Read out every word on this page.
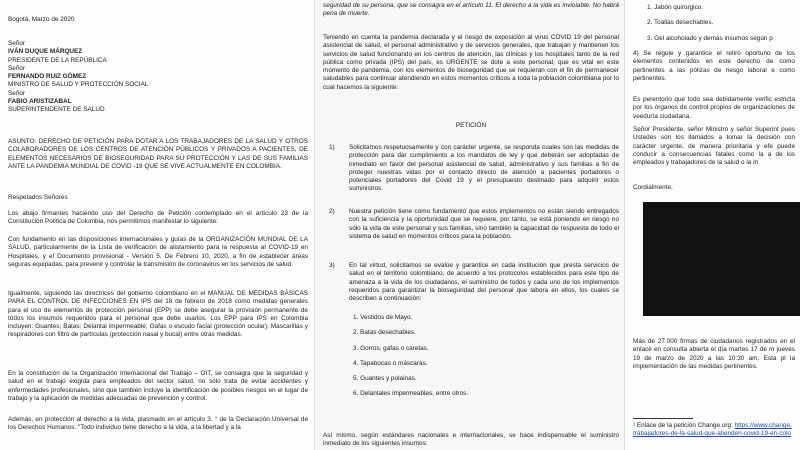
Bogotá, Marzo de 2020

Señor

IVÁN DUQUE MÁRQUEZ

PRESIDENTE DE LA REPÚBLICA

Señor

FERNANDO RUIZ GÓMEZ

MINISTRO DE SALUD Y PROTECCIÓN SOCIAL

Señor

FABIO ARISTIZABAL

SUPERINTENDENTE DE SALUD

ASUNTO: DERECHO DE PETICIÓN PARA DOTAR A LOS TRABAJADORES DE LA SALUD Y OTROS COLABORADORES DE LOS CENTROS DE ATENCIÓN PÚBLICOS Y PRIVADOS A PACIENTES, DE ELEMENTOS NECESARIOS DE BIOSEGURIDAD PARA SU PROTECCIÓN Y LAS DE SUS FAMILIAS ANTE LA PANDEMIA MUNDIAL DE COVID -19 QUE SE VIVE ACTUALMENTE EN COLOMBIA.

Respetados Señores

Los abajo firmantes haciendo uso del Derecho de Petición contemplado en el artículo 23 de la Constitución Política de Colombia, nos permitimos manifestar lo siguiente:

Con fundamento en las disposiciones internacionales y guías de la ORGANIZACIÓN MUNDIAL DE LA SALUD, particularmente de la Lista de verificación de alistamiento para la respuesta al COVID-19 en Hospitales, y el Documento provisional - Versión 5. De Febrero 10, 2020, a fin de establecer áreas seguras equipadas, para prevenir y controlar la transmisión de coronavirus en los servicios de salud.

Igualmente, siguiendo las directrices del gobierno colombiano en el MANUAL DE MEDIDAS BÁSICAS PARA EL CONTROL DE INFECCIONES EN IPS del 18 de febrero de 2018 como medidas generales para el uso de elementos de protección personal (EPP) se debe asegurar la provisión permanente de todos los insumos requeridos para el personal que debe usarlos. Los EPP para IPS en Colombia incluyen: Guantes; Batas; Delantal impermeable; Gafas o escudo facial (protección ocular); Mascarillas y respiradores con filtro de partículas (protección nasal y bucal) entre otras medidas.

En la constitución de la Organización Internacional del Trabajo – OIT, se consagra que la seguridad y salud en el trabajo exigida para empleados del sector salud, no sólo trata de evitar accidentes y enfermedades profesionales, sino que también incluye la identificación de posibles riesgos en el lugar de trabajo y la aplicación de medidas adecuadas de prevención y control.

Además, en protección al derecho a la vida, plasmado en el artículo 3. ° de la Declaración Universal de los Derechos Humanos: "Todo individuo tiene derecho a la vida, a la libertad y a la

seguridad de su persona, que se consagra en el artículo 11. El derecho a la vida es inviolable. No habrá pena de muerte.

Teniendo en cuenta la pandemia declarada y el riesgo de exposición al virus COVID 19 del personal asistencial de salud, el personal administrativo y de servicios generales, que trabajan y mantienen los servicios de salud funcionando en los centros de atención, las clínicas y los hospitales tanto de la red pública como privada (IPS) del país, es URGENTE se dote a este personal, que es vital en este momento de pandemia, con los elementos de bioseguridad que se requieran con el fin de permanecer saludables para continuar atendiendo en estos momentos críticos a toda la población colombiana por lo cual hacemos la siguiente:

PETICIÓN

1) Solicitamos respetuosamente y con carácter urgente, se responda cuales son las medidas de protección para dar cumplimiento a los mandatos de ley y que deberán ser adoptadas de inmediato en favor del personal asistencial de salud, administrativo y sus familias a fin de proteger nuestras vidas por el contacto directo de atención a pacientes portadores o potenciales portadores del Covid 19 y el presupuesto destinado para adquirir estos suministros.
2) Nuestra petición tiene como fundamento que estos implementos no están siendo entregados con la suficiencia y la oportunidad que se requiere, por tanto, se está poniendo en riesgo no sólo la vida de este personal y sus familias, sino también la capacidad de respuesta de todo el sistema de salud en momentos críticos para la población.
3) En tal virtud, solicitamos se evalúe y garantice en cada institución que presta servicios de salud en el territorio colombiano, de acuerdo a los protocolos establecidos para este tipo de amenaza a la vida de los ciudadanos, el suministro de todos y cada uno de los implementos requeridos para garantizar la bioseguridad del personal que labora en ellos, los cuales se describen a continuación:

1. Vestidos de Mayo.

2. Batas desechables.

3. Gorros, gafas o caretas.

4. Tapabocas o máscaras.

5. Guantes y polainas.

6. Delantales impermeables, entre otros.

Así mismo, según estándares nacionales e internacionales, se hace indispensable el suministro inmediato de los siguientes insumos:

1. Jabón quirúrgico.

2. Toallas desechables.

3. Gel alcoholado y demás insumos según p

4) Se regule y garantice el retiro oportuno de los elementos contenidos en este derecho de como pertinentes a las pólizas de riesgo laboral e como pertinentes.

Es perentorio que todo sea debidamente verific estricta por los órganos de control propios de organizaciones de veeduría ciudadana.

Señor Presidente, señor Ministro y señor Superint pues Ustedes son los llamados a tomar la decisión con carácter urgente, de manera prioritaria y efe puede conducir a consecuencias fatales como la a de los empleados y trabajadores de la salud o la m

Cordialmente,

Más de 27.000 firmas de ciudadanos registrados en el enlace en consulta abierta el día martes 17 de m jueves 19 de marzo de 2020 a las 10:30 am. Esta pl la implementación de las medidas pertinentes.

¹ Enlace de la petición Change.org: https://www.change.
trabajadores-de-la-salud-que-atienden-covid-19-en-colo
